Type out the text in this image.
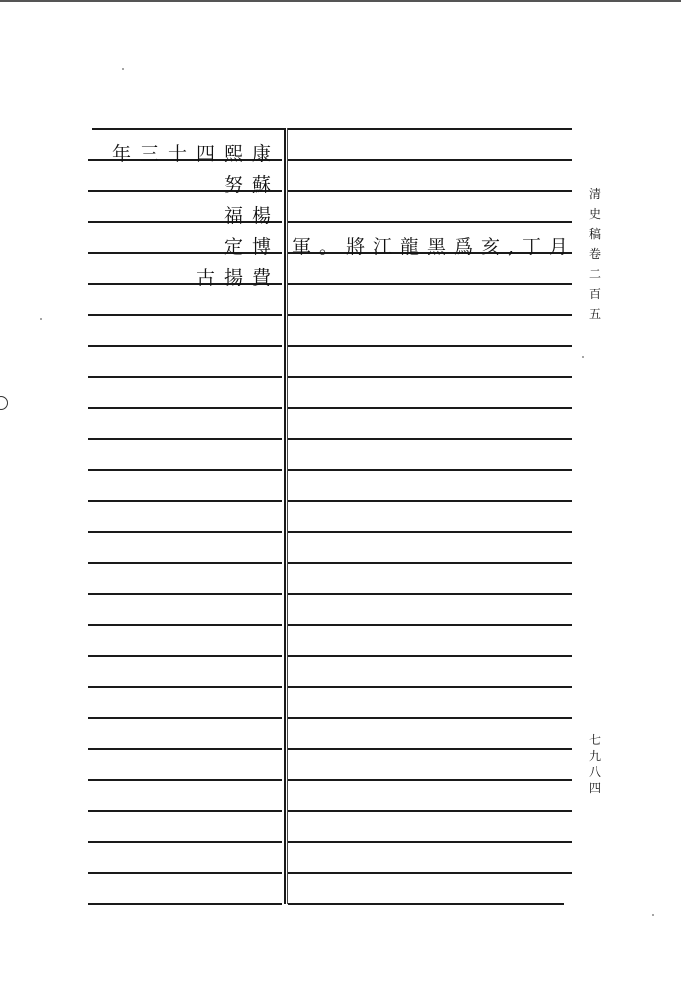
年三十四熙康
努蘇
福楊
定博
古揚費
軍。將江龍黑爲亥,丁月
清
史
稿
卷
二
百
五
七
九
八
四
